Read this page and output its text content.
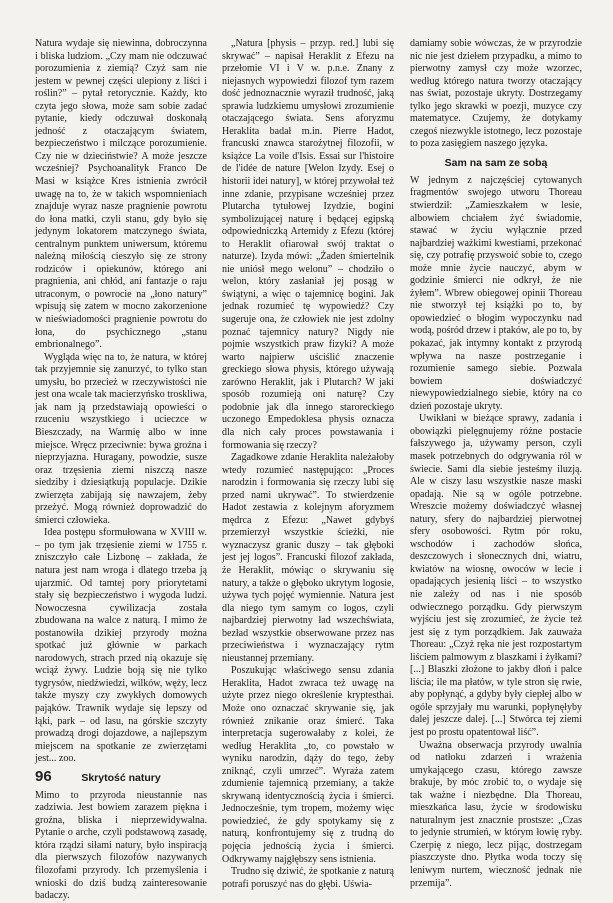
Natura wydaje się niewinna, dobroczynna i bliska ludziom. „Czy mam nie odczuwać porozumienia z ziemią? Czyż sam nie jestem w pewnej części ulepiony z liści i roślin?” – pytał retorycznie. Każdy, kto czyta jego słowa, może sam sobie zadać pytanie, kiedy odczuwał doskonałą jedność z otaczającym światem, bezpieczeństwo i milczące porozumienie. Czy nie w dzieciństwie? A może jeszcze wcześniej? Psychoanalityk Franco De Masi w książce Kres istnienia zwrócił uwagę na to, że w takich wspomnieniach znajduje wyraz nasze pragnienie powrotu do łona matki, czyli stanu, gdy było się jedynym lokatorem matczynego świata, centralnym punktem uniwersum, któremu należną miłością cieszyło się ze strony rodziców i opiekunów, którego ani pragnienia, ani chłód, ani fantazje o raju utraconym, o powrocie na „łono natury” wpisują się zatem w mocno zakorzenione w nieświadomości pragnienie powrotu do łona, do psychicznego „stanu embrionalnego”.

Wygląda więc na to, że natura, w której tak przyjemnie się zanurzyć, to tylko stan umysłu, bo przecież w rzeczywistości nie jest ona wcale tak macierzyńsko troskliwa, jak nam ją przedstawiają opowieści o rzuceniu wszystkiego i ucieczce w Bieszczady, na Warmię albo w inne miejsce. Wręcz przeciwnie: bywa groźna i nieprzyjazna. Huragany, powodzie, susze oraz trzęsienia ziemi niszczą nasze siedziby i dziesiątkują populacje. Dzikie zwierzęta zabijają się nawzajem, żeby przeżyć. Mogą również doprowadzić do śmierci człowieka.

Idea postępu sformułowana w XVIII w. – po tym jak trzęsienie ziemi w 1755 r. zniszczyło całe Lizbonę – zakłada, że natura jest nam wroga i dlatego trzeba ją ujarzmić. Od tamtej pory priorytetami stały się bezpieczeństwo i wygoda ludzi. Nowoczesna cywilizacja została zbudowana na walce z naturą. I mimo że postanowiła dzikiej przyrody można spotkać już głównie w parkach narodowych, strach przed nią okazuje się wciąż żywy. Ludzie boją się nie tylko tygrysów, niedźwiedzi, wilków, węży, lecz także myszy czy zwykłych domowych pająków. Trawnik wydaje się lepszy od łąki, park – od lasu, na górskie szczyty prowadzą drogi dojazdowe, a najlepszym miejscem na spotkanie ze zwierzętami jest... zoo.

Skrytość natury

Mimo to przyroda nieustannie nas zadziwia. Jest bowiem zarazem piękna i groźna, bliska i nieprzewidywalna. Pytanie o arche, czyli podstawową zasadę, która rządzi siłami natury, było inspiracją dla pierwszych filozofów nazywanych filozofami przyrody. Ich przemyślenia i wnioski do dziś budzą zainteresowanie badaczy.

„Natura [physis – przyp. red.] lubi się skrywać” – napisał Heraklit z Efezu na przełomie VI i V w. p.n.e. Znany z niejasnych wypowiedzi filozof tym razem dość jednoznacznie wyraził trudność, jaką sprawia ludzkiemu umysłowi zrozumienie otaczającego świata. Sens aforyzmu Heraklita badał m.in. Pierre Hadot, francuski znawca starożytnej filozofii, w książce La voile d'Isis. Essai sur l'histoire de l'idée de nature [Welon Izydy. Esej o historii idei natury], w której przywołał też inne zdanie, przypisane wcześniej przez Plutarcha tytułowej Izydzie, bogini symbolizującej naturę i będącej egipską odpowiedniczką Artemidy z Efezu (której to Heraklit ofiarował swój traktat o naturze). Izyda mówi: „Żaden śmiertelnik nie uniósł mego welonu” – chodziło o welon, który zasłaniał jej posąg w świątyni, a więc o tajemnicę bogini. Jak jednak rozumieć tę wypowiedź? Czy sugeruje ona, że człowiek nie jest zdolny poznać tajemnicy natury? Nigdy nie pojmie wszystkich praw fizyki? A może warto najpierw uściślić znaczenie greckiego słowa physis, którego używają zarówno Heraklit, jak i Plutarch? W jaki sposób rozumieją oni naturę? Czy podobnie jak dla innego staroreckiego uczonego Empedoklesa physis oznacza dla nich cały proces powstawania i formowania się rzeczy?

Zagadkowe zdanie Heraklita należałoby wtedy rozumieć następująco: „Proces narodzin i formowania się rzeczy lubi się przed nami ukrywać”. To stwierdzenie Hadot zestawia z kolejnym aforyzmem mędrca z Efezu: „Nawet gdybyś przemierzył wszystkie ścieżki, nie wyznaczysz granic duszy – tak głęboki jest jej logos”. Francuski filozof zakłada, że Heraklit, mówiąc o skrywaniu się natury, a także o głęboko ukrytym logosie, używa tych pojęć wymiennie. Natura jest dla niego tym samym co logos, czyli najbardziej pierwotny ład wszechświata, bezład wszystkie obserwowane przez nas przeciwieństwa i wyznaczający rytm nieustannej przemiany.

Poszukując właściwego sensu zdania Heraklita, Hadot zwraca też uwagę na użyte przez niego określenie kryptesthai. Może ono oznaczać skrywanie się, jak również znikanie oraz śmierć. Taka interpretacja sugerowałaby z kolei, że według Heraklita „to, co powstało w wyniku narodzin, dąży do tego, żeby zniknąć, czyli umrzeć”. Wyraża zatem zdumienie tajemnicą przemiany, a także skrywaną identycznością życia i śmierci. Jednocześnie, tym tropem, możemy więc powiedzieć, że gdy spotykamy się z naturą, konfrontujemy się z trudną do pojęcia jednością życia i śmierci. Odkrywamy najgłębszy sens istnienia.

Trudno się dziwić, że spotkanie z naturą potrafi poruszyć nas do głębi. Uświa-

damiamy sobie wówczas, że w przyrodzie nic nie jest dziełem przypadku, a mimo to pierwotny zamysł czy może wzorzec, według którego natura tworzy otaczający nas świat, pozostaje ukryty. Dostrzegamy tylko jego skrawki w poezji, muzyce czy matematyce. Czujemy, że dotykamy czegoś niezwykle istotnego, lecz pozostaje to poza zasięgiem naszego języka.

Sam na sam ze sobą

W jednym z najczęściej cytowanych fragmentów swojego utworu Thoreau stwierdził: „Zamieszkałem w lesie, albowiem chciałem żyć świadomie, stawać w życiu wyłącznie przed najbardziej ważkimi kwestiami, przekonać się, czy potrafię przyswoić sobie to, czego może mnie życie nauczyć, abym w godzinie śmierci nie odkrył, że nie żyłem”. Wbrew obiegowej opinii Thoreau nie stworzył tej książki po to, by opowiedzieć o błogim wypoczynku nad wodą, pośród drzew i ptaków, ale po to, by pokazać, jak intymny kontakt z przyrodą wpływa na nasze postrzeganie i rozumienie samego siebie. Pozwala bowiem doświadczyć niewypowiedzialnego siebie, który na co dzień pozostaje ukryty.

Uwikłani w bieżące sprawy, zadania i obowiązki pielęgnujemy różne postacie fałszywego ja, używamy person, czyli masek potrzebnych do odgrywania ról w świecie. Sami dla siebie jesteśmy iluzją. Ale w ciszy lasu wszystkie nasze maski opadają. Nie są w ogóle potrzebne. Wreszcie możemy doświadczyć własnej natury, sfery do najbardziej pierwotnej sfery osobowości. Rytm pór roku, wschodów i zachodów słońca, deszczowych i słonecznych dni, wiatru, kwiatów na wiosnę, owoców w lecie i opadających jesienią liści – to wszystko nie zależy od nas i nie sposób odwiecznego porządku. Gdy pierwszym wyjściu jest się zrozumieć, że życie też jest się z tym porządkiem. Jak zauważa Thoreau: „Czyż ręka nie jest rozpostartym liściem palmowym z blaszkami i żyłkami? [...] Blaszki złożone to jakby dłoń i palce liścia; ile ma płatów, w tyle stron się rwie, aby popłynąć, a gdyby były ciepłej albo w ogóle sprzyjały mu warunki, popłynęłyby dalej jeszcze dalej. [...] Stwórca tej ziemi jest po prostu opatentował liść”.

Uważna obserwacja przyrody uwalnia od natłoku zdarzeń i wrażenia umykającego czasu, którego zawsze brakuje, by móc zrobić to, o wydaje się tak ważne i niezbędne. Dla Thoreau, mieszkańca lasu, życie w środowisku naturalnym jest znacznie prostsze: „Czas to jedynie strumień, w którym łowię ryby. Czerpię z niego, lecz pijąc, dostrzegam piaszczyste dno. Płytka woda toczy się leniwym nurtem, wieczność jednak nie przemija”.

96
